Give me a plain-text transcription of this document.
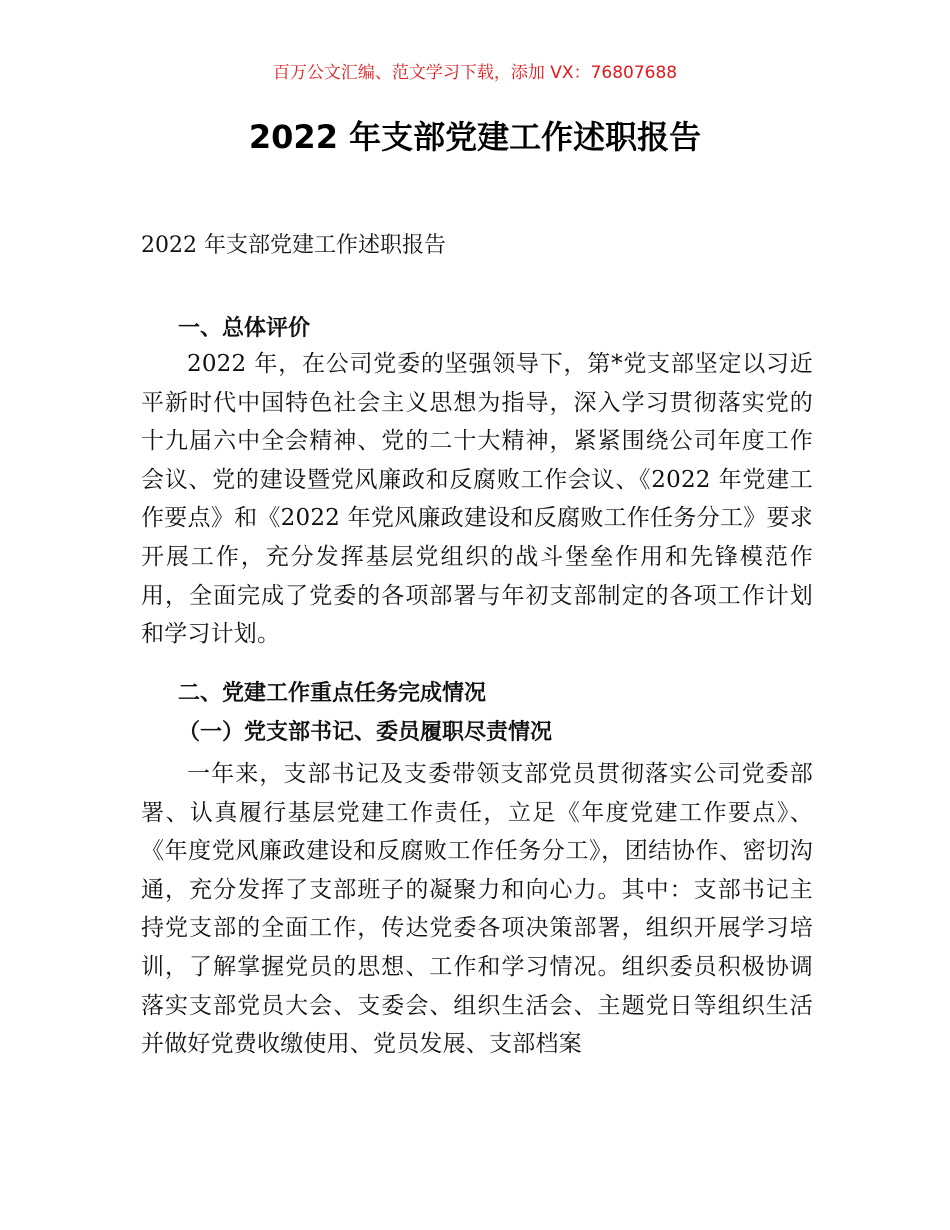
百万公文汇编、范文学习下载，添加 VX：76807688
2022 年支部党建工作述职报告
2022 年支部党建工作述职报告
一、总体评价
2022 年，在公司党委的坚强领导下，第*党支部坚定以习近平新时代中国特色社会主义思想为指导，深入学习贯彻落实党的十九届六中全会精神、党的二十大精神，紧紧围绕公司年度工作会议、党的建设暨党风廉政和反腐败工作会议、《2022 年党建工作要点》和《2022 年党风廉政建设和反腐败工作任务分工》要求开展工作，充分发挥基层党组织的战斗堡垒作用和先锋模范作用，全面完成了党委的各项部署与年初支部制定的各项工作计划和学习计划。
二、党建工作重点任务完成情况
（一）党支部书记、委员履职尽责情况
一年来，支部书记及支委带领支部党员贯彻落实公司党委部署、认真履行基层党建工作责任，立足《年度党建工作要点》、《年度党风廉政建设和反腐败工作任务分工》，团结协作、密切沟通，充分发挥了支部班子的凝聚力和向心力。其中：支部书记主持党支部的全面工作，传达党委各项决策部署，组织开展学习培训，了解掌握党员的思想、工作和学习情况。组织委员积极协调落实支部党员大会、支委会、组织生活会、主题党日等组织生活并做好党费收缴使用、党员发展、支部档案
